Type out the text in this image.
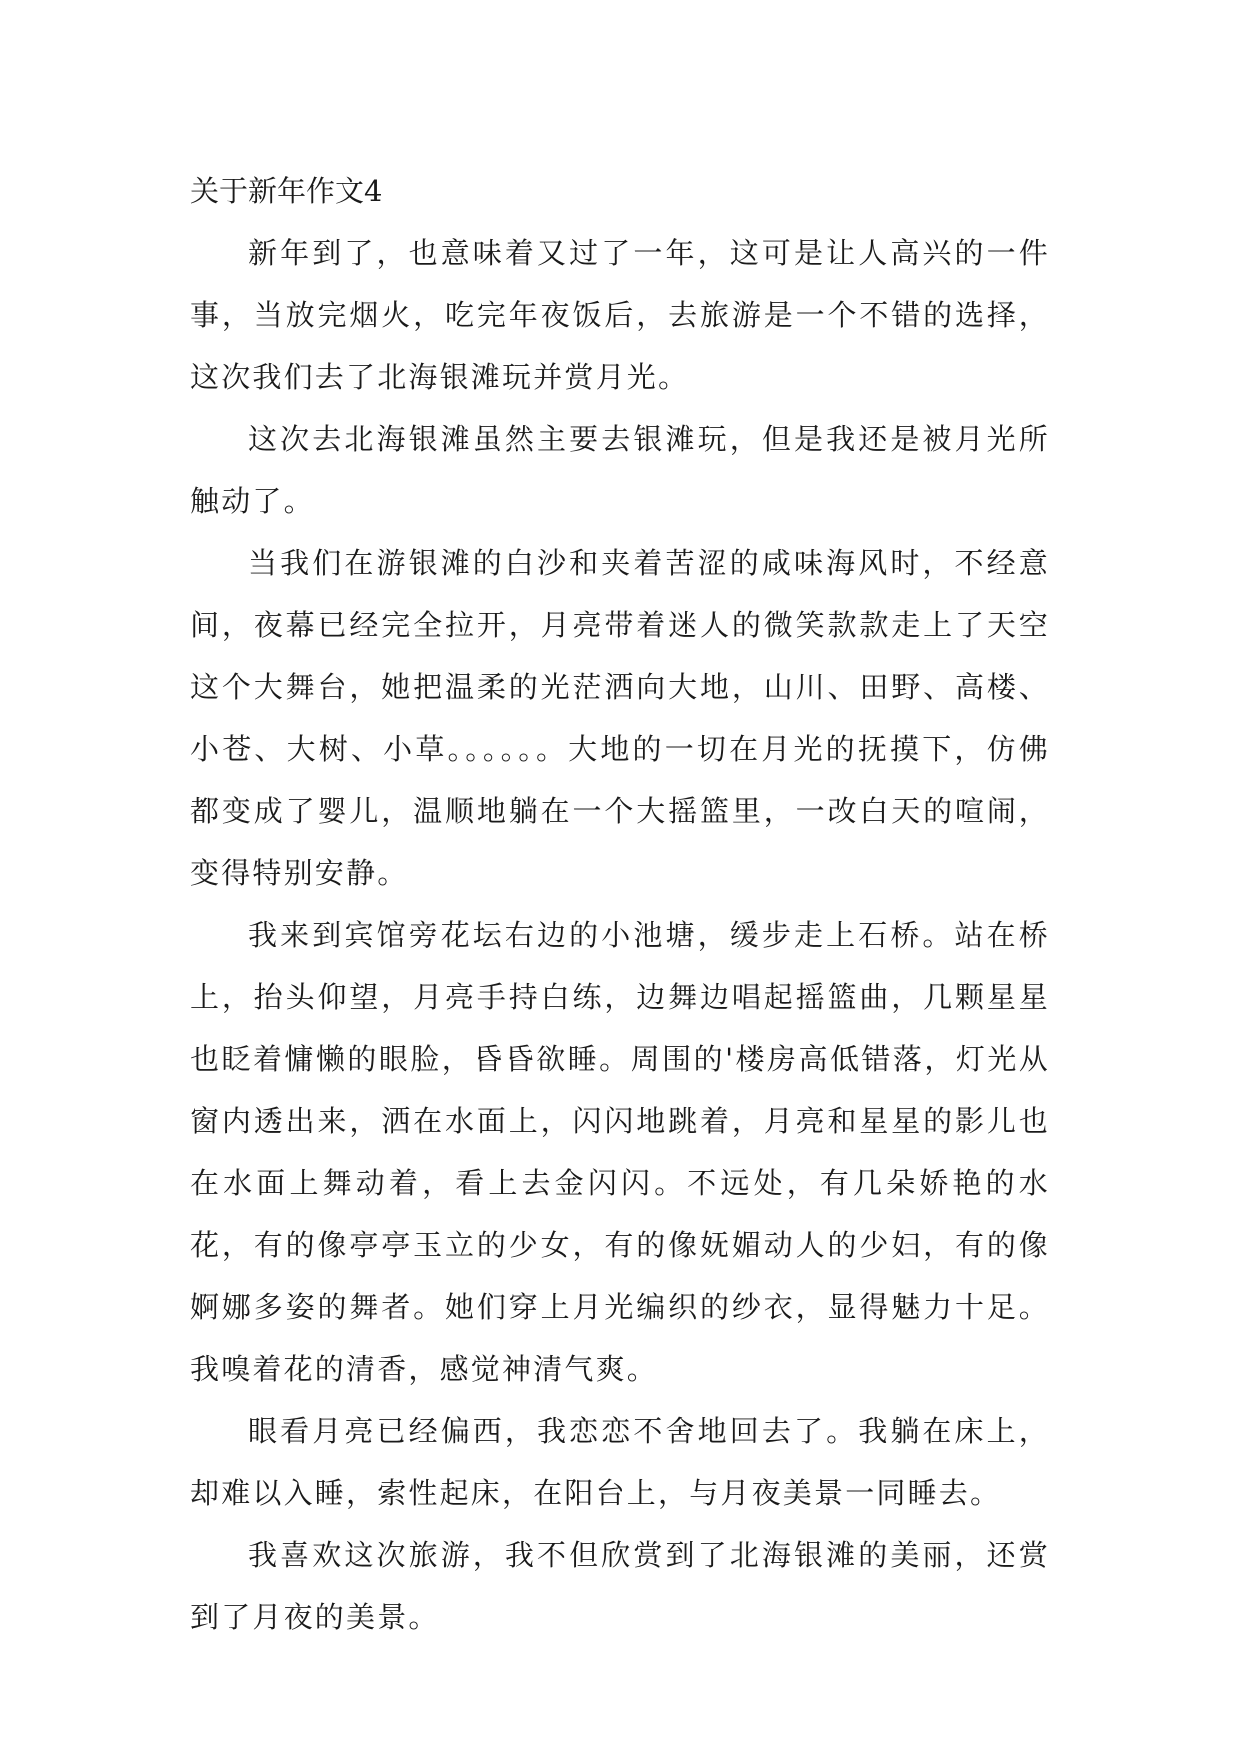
关于新年作文4

新年到了，也意味着又过了一年，这可是让人高兴的一件事，当放完烟火，吃完年夜饭后，去旅游是一个不错的选择，这次我们去了北海银滩玩并赏月光。

这次去北海银滩虽然主要去银滩玩，但是我还是被月光所触动了。

当我们在游银滩的白沙和夹着苦涩的咸味海风时，不经意间，夜幕已经完全拉开，月亮带着迷人的微笑款款走上了天空这个大舞台，她把温柔的光茫洒向大地，山川、田野、高楼、小苍、大树、小草。。。。。。大地的一切在月光的抚摸下，仿佛都变成了婴儿，温顺地躺在一个大摇篮里，一改白天的喧闹，变得特别安静。

我来到宾馆旁花坛右边的小池塘，缓步走上石桥。站在桥上，抬头仰望，月亮手持白练，边舞边唱起摇篮曲，几颗星星也眨着慵懒的眼脸，昏昏欲睡。周围的'楼房高低错落，灯光从窗内透出来，洒在水面上，闪闪地跳着，月亮和星星的影儿也在水面上舞动着，看上去金闪闪。不远处，有几朵娇艳的水花，有的像亭亭玉立的少女，有的像妩媚动人的少妇，有的像婀娜多姿的舞者。她们穿上月光编织的纱衣，显得魅力十足。我嗅着花的清香，感觉神清气爽。

眼看月亮已经偏西，我恋恋不舍地回去了。我躺在床上，却难以入睡，索性起床，在阳台上，与月夜美景一同睡去。

我喜欢这次旅游，我不但欣赏到了北海银滩的美丽，还赏到了月夜的美景。
